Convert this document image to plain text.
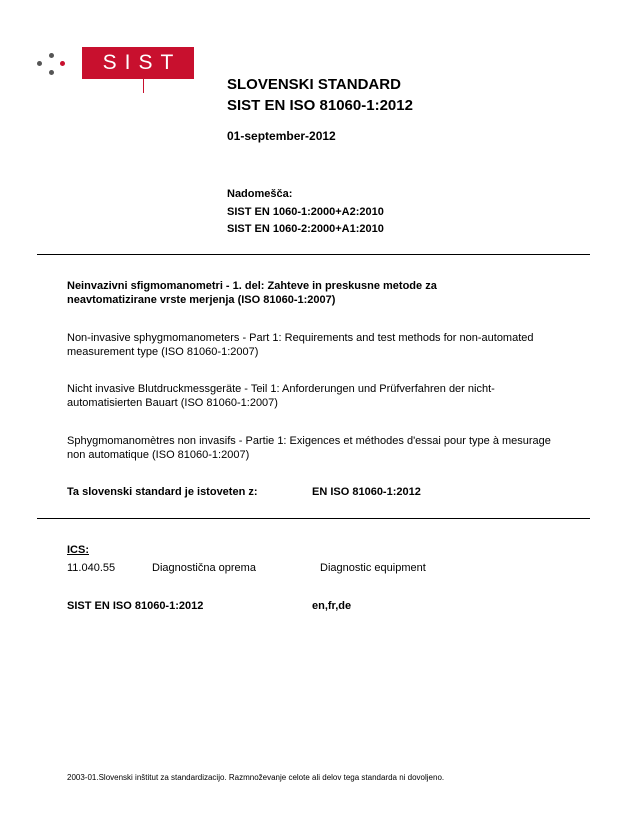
SIST
SLOVENSKI STANDARD
SIST EN ISO 81060-1:2012
01-september-2012
Nadomešča:
SIST EN 1060-1:2000+A2:2010
SIST EN 1060-2:2000+A1:2010
Neinvazivni sfigmomanometri - 1. del: Zahteve in preskusne metode za neavtomatizirane vrste merjenja (ISO 81060-1:2007)
Non-invasive sphygmomanometers - Part 1: Requirements and test methods for non-automated measurement type (ISO 81060-1:2007)
Nicht invasive Blutdruckmessgeräte - Teil 1: Anforderungen und Prüfverfahren der nicht-automatisierten Bauart (ISO 81060-1:2007)
Sphygmomanomètres non invasifs - Partie 1: Exigences et méthodes d'essai pour type à mesurage non automatique (ISO 81060-1:2007)
Ta slovenski standard je istoveten z:	EN ISO 81060-1:2012
ICS:
11.040.55	Diagnostična oprema	Diagnostic equipment
SIST EN ISO 81060-1:2012	en,fr,de
2003-01.Slovenski inštitut za standardizacijo. Razmnoževanje celote ali delov tega standarda ni dovoljeno.
